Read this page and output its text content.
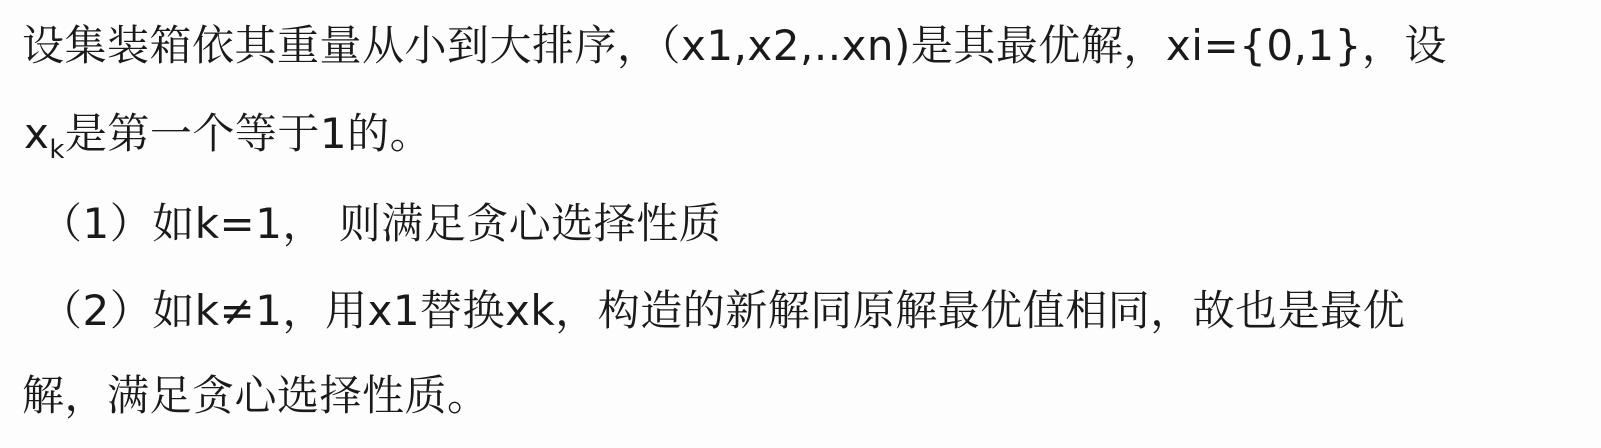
设集装箱依其重量从小到大排序，（x1,x2,..xn)是其最优解，xi={0,1}，设
$x_k$是第一个等于1的。
（1）如k=1， 则满足贪心选择性质
（2）如k≠1，用x1替换xk，构造的新解同原解最优值相同，故也是最优
解，满足贪心选择性质。
